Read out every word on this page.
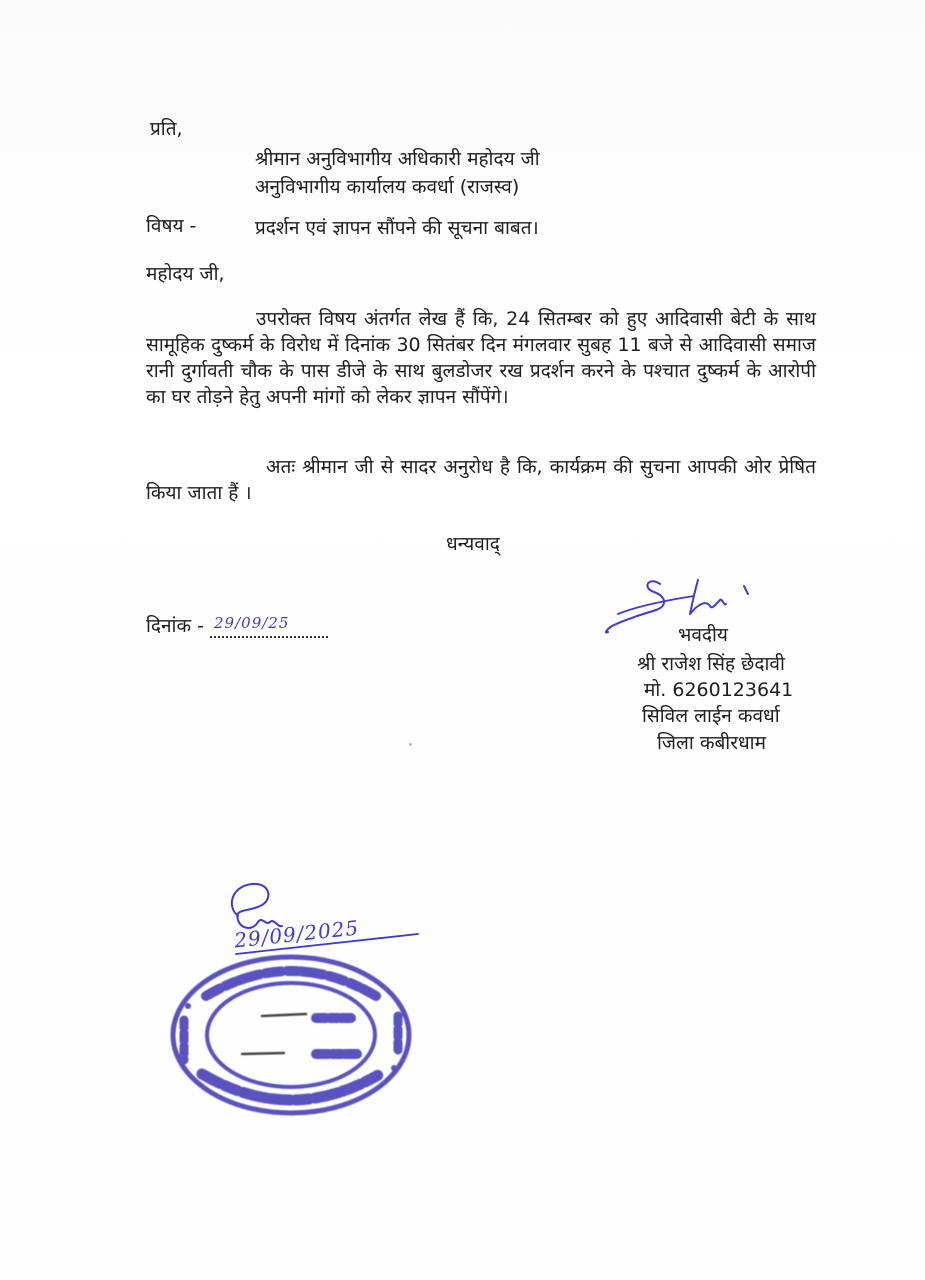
प्रति,
श्रीमान अनुविभागीय अधिकारी महोदय जी
अनुविभागीय कार्यालय कवर्धा (राजस्व)
विषय -	प्रदर्शन एवं ज्ञापन सौंपने की सूचना बाबत।
महोदय जी,
उपरोक्त विषय अंतर्गत लेख हैं कि, 24 सितम्बर को हुए आदिवासी बेटी के साथ सामूहिक दुष्कर्म के विरोध में दिनांक 30 सितंबर दिन मंगलवार सुबह 11 बजे से आदिवासी समाज रानी दुर्गावती चौक के पास डीजे के साथ बुलडोजर रख प्रदर्शन करने के पश्चात दुष्कर्म के आरोपी का घर तोड़ने हेतु अपनी मांगों को लेकर ज्ञापन सौंपेंगे।
अतः श्रीमान जी से सादर अनुरोध है कि, कार्यक्रम की सुचना आपकी ओर प्रेषित किया जाता हैं ।
धन्यवाद्
दिनांक - 29/09/25
भवदीय
श्री राजेश सिंह छेदावी
मो. 6260123641
सिविल लाईन कवर्धा
जिला कबीरधाम
29/09/2025
